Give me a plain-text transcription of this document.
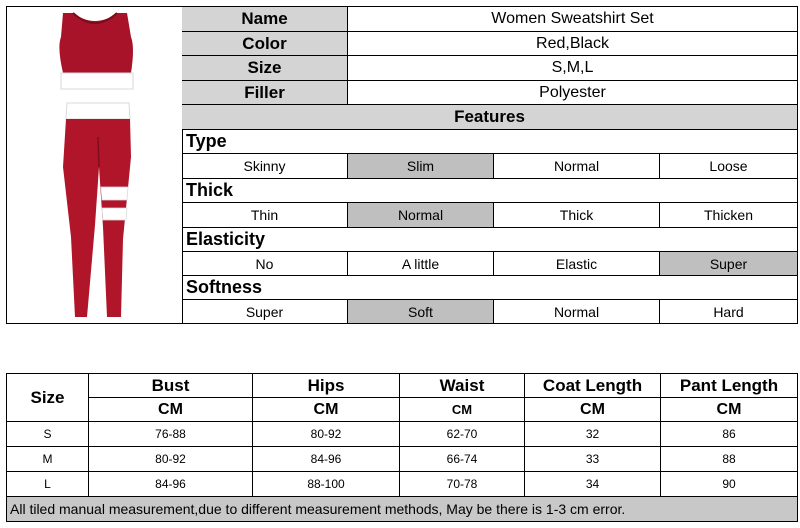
Name	Women Sweatshirt Set
Color	Red,Black
Size	S,M,L
Filler	Polyester
Features
Type
Skinny	Slim	Normal	Loose
Thick
Thin	Normal	Thick	Thicken
Elasticity
No	A little	Elastic	Super
Softness
Super	Soft	Normal	Hard
Size
Bust	Hips	Waist	Coat Length	Pant Length
CM	CM	CM	CM	CM
S	76-88	80-92	62-70	32	86
M	80-92	84-96	66-74	33	88
L	84-96	88-100	70-78	34	90
All tiled manual measurement,due to different measurement methods, May be there is 1-3 cm error.
